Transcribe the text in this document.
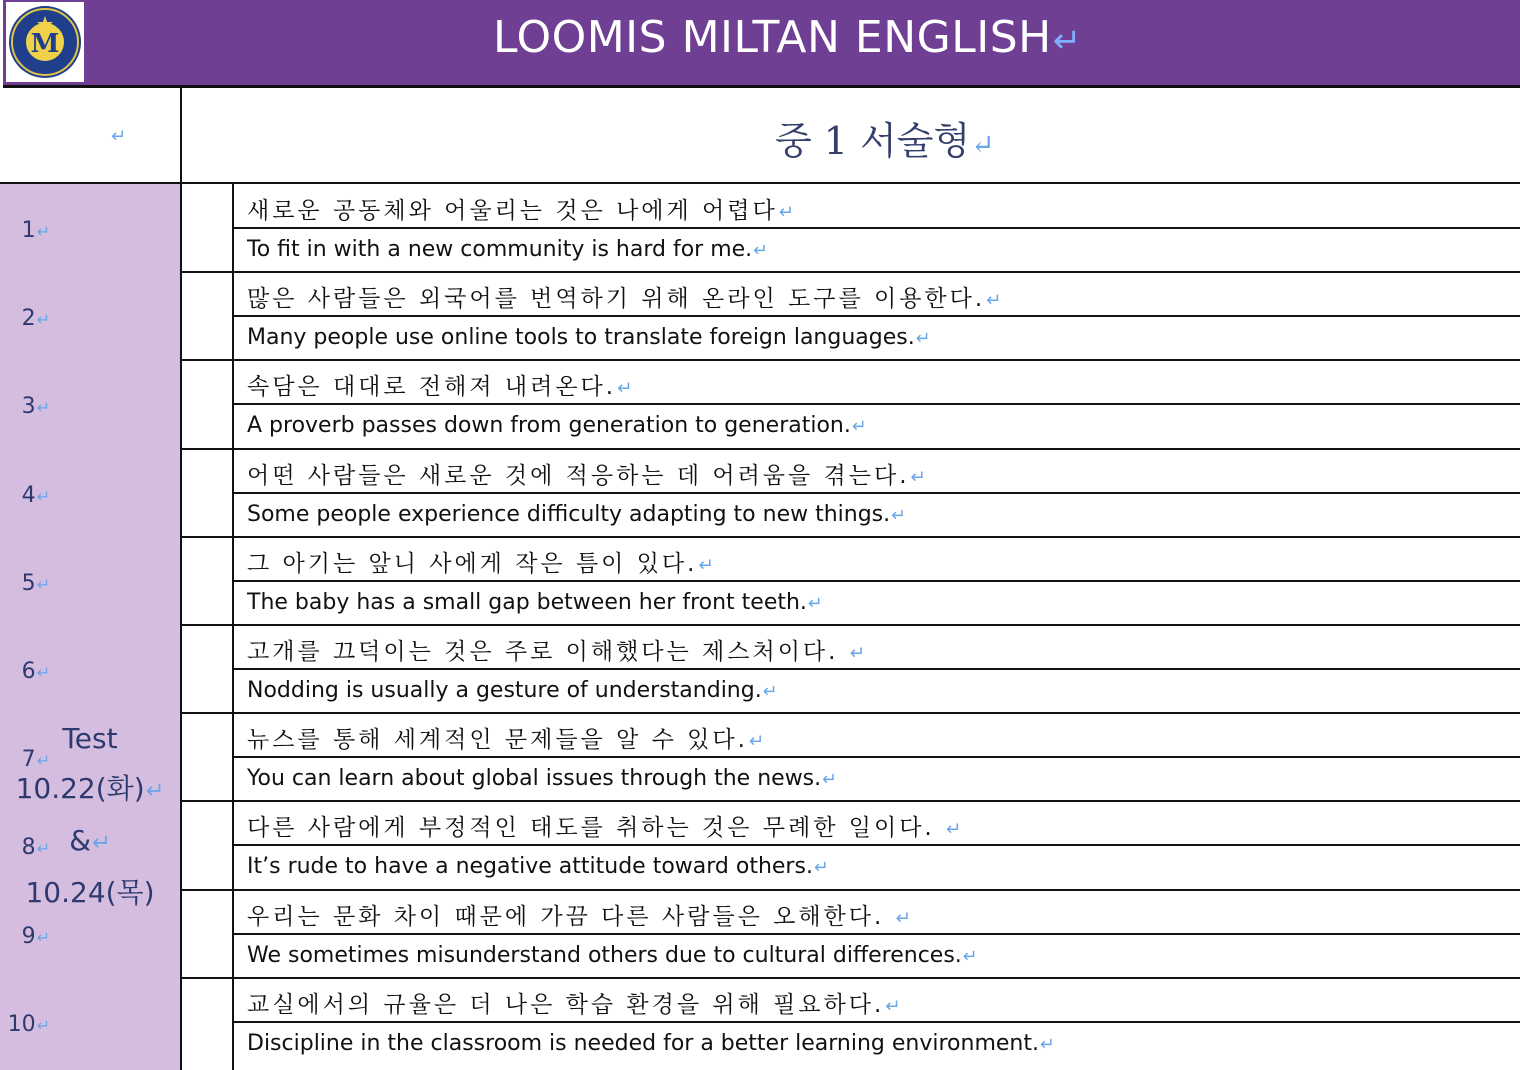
M	LOOMIS MILTAN ENGLISH↵
↵	중 1 서술형↵
Test
10.22(화)↵
&↵
10.24(목)
1↵
새로운 공동체와 어울리는 것은 나에게 어렵다↵
To fit in with a new community is hard for me.↵
2↵
많은 사람들은 외국어를 번역하기 위해 온라인 도구를 이용한다.↵
Many people use online tools to translate foreign languages.↵
3↵
속담은 대대로 전해져 내려온다.↵
A proverb passes down from generation to generation.↵
4↵
어떤 사람들은 새로운 것에 적응하는 데 어려움을 겪는다.↵
Some people experience difficulty adapting to new things.↵
5↵
그 아기는 앞니 사에게 작은 틈이 있다.↵
The baby has a small gap between her front teeth.↵
6↵
고개를 끄덕이는 것은 주로 이해했다는 제스처이다. ↵
Nodding is usually a gesture of understanding.↵
7↵
뉴스를 통해 세계적인 문제들을 알 수 있다.↵
You can learn about global issues through the news.↵
8↵
다른 사람에게 부정적인 태도를 취하는 것은 무례한 일이다. ↵
It’s rude to have a negative attitude toward others.↵
9↵
우리는 문화 차이 때문에 가끔 다른 사람들은 오해한다. ↵
We sometimes misunderstand others due to cultural differences.↵
10↵
교실에서의 규율은 더 나은 학습 환경을 위해 필요하다.↵
Discipline in the classroom is needed for a better learning environment.↵
